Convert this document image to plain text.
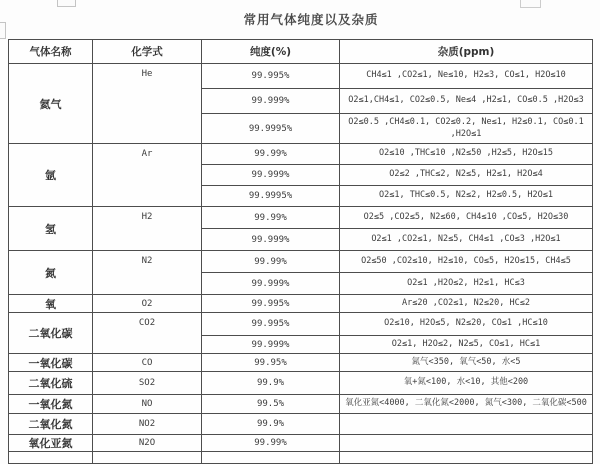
常用气体纯度以及杂质
气体名称	化学式	纯度(%)	杂质(ppm)
氦气	He	99.995%	CH4≤1 ,CO2≤1, Ne≤10, H2≤3, CO≤1, H2O≤10
		99.999%	O2≤1,CH4≤1, CO2≤0.5, Ne≤4 ,H2≤1, CO≤0.5 ,H2O≤3
		99.9995%	O2≤0.5 ,CH4≤0.1, CO2≤0.2, Ne≤1, H2≤0.1, CO≤0.1 ,H2O≤1
氩	Ar	99.99%	O2≤10 ,THC≤10 ,N2≤50 ,H2≤5, H2O≤15
		99.999%	O2≤2 ,THC≤2, N2≤5, H2≤1, H2O≤4
		99.9995%	O2≤1, THC≤0.5, N2≤2, H2≤0.5, H2O≤1
氢	H2	99.99%	O2≤5 ,CO2≤5, N2≤60, CH4≤10 ,CO≤5, H2O≤30
		99.999%	O2≤1 ,CO2≤1, N2≤5, CH4≤1 ,CO≤3 ,H2O≤1
氮	N2	99.99%	O2≤50 ,CO2≤10, H2≤10, CO≤5, H2O≤15, CH4≤5
		99.999%	O2≤1 ,H2O≤2, H2≤1, HC≤3
氧	O2	99.995%	Ar≤20 ,CO2≤1, N2≤20, HC≤2
二氧化碳	CO2	99.995%	O2≤10, H2O≤5, N2≤20, CO≤1 ,HC≤10
		99.999%	O2≤1, H2O≤2, N2≤5, CO≤1, HC≤1
一氧化碳	CO	99.95%	氮气<350, 氧气<50, 水<5
二氧化硫	SO2	99.9%	氧+氮<100, 水<10, 其他<200
一氧化氮	NO	99.5%	氧化亚氮<4000, 二氧化氮<2000, 氮气<300, 二氧化碳<500
二氧化氮	NO2	99.9%	
氧化亚氮	N2O	99.99%	
